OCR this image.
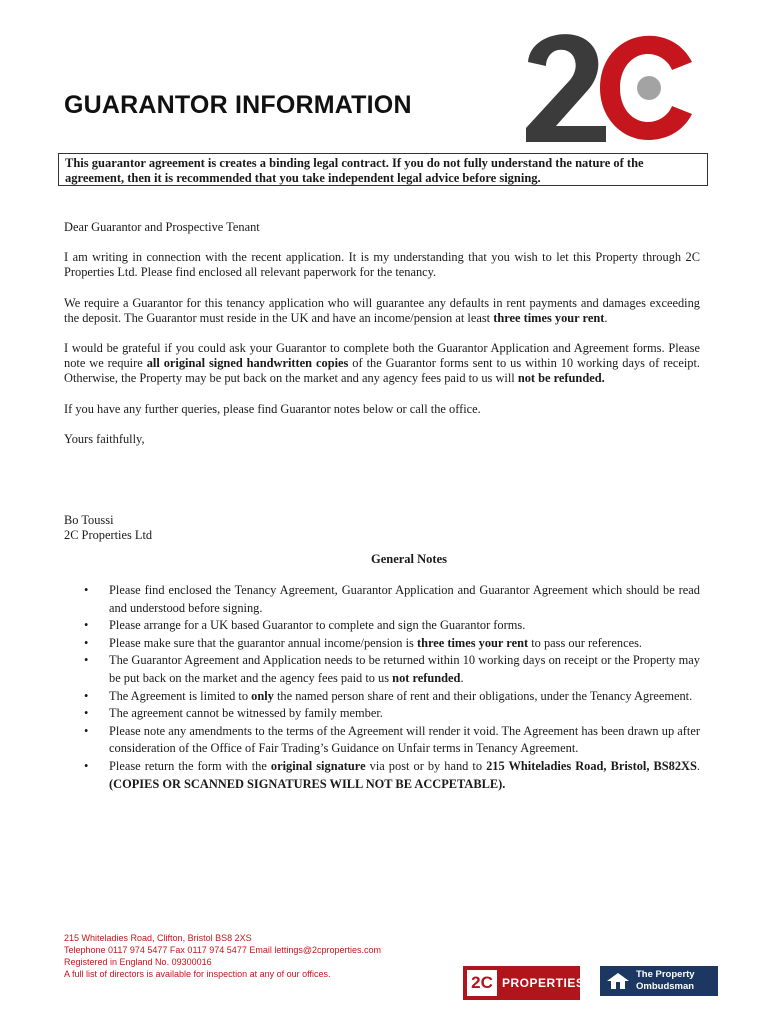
GUARANTOR INFORMATION
This guarantor agreement is creates a binding legal contract. If you do not fully understand the nature of the agreement, then it is recommended that you take independent legal advice before signing.

Dear Guarantor and Prospective Tenant

I am writing in connection with the recent application. It is my understanding that you wish to let this Property through 2C Properties Ltd. Please find enclosed all relevant paperwork for the tenancy.

We require a Guarantor for this tenancy application who will guarantee any defaults in rent payments and damages exceeding the deposit. The Guarantor must reside in the UK and have an income/pension at least three times your rent.

I would be grateful if you could ask your Guarantor to complete both the Guarantor Application and Agreement forms. Please note we require all original signed handwritten copies of the Guarantor forms sent to us within 10 working days of receipt. Otherwise, the Property may be put back on the market and any agency fees paid to us will not be refunded.

If you have any further queries, please find Guarantor notes below or call the office.

Yours faithfully,

Bo Toussi

2C Properties Ltd

General Notes
• Please find enclosed the Tenancy Agreement, Guarantor Application and Guarantor Agreement which should be read and understood before signing.
• Please arrange for a UK based Guarantor to complete and sign the Guarantor forms.
• Please make sure that the guarantor annual income/pension is three times your rent to pass our references.
• The Guarantor Agreement and Application needs to be returned within 10 working days on receipt or the Property may be put back on the market and the agency fees paid to us not refunded.
• The Agreement is limited to only the named person share of rent and their obligations, under the Tenancy Agreement.
• The agreement cannot be witnessed by family member.
• Please note any amendments to the terms of the Agreement will render it void. The Agreement has been drawn up after consideration of the Office of Fair Trading’s Guidance on Unfair terms in Tenancy Agreement.
• Please return the form with the original signature via post or by hand to 215 Whiteladies Road, Bristol, BS82XS. (COPIES OR SCANNED SIGNATURES WILL NOT BE ACCPETABLE).
215 Whiteladies Road, Clifton, Bristol BS8 2XS
Telephone 0117 974 5477 Fax 0117 974 5477 Email lettings@2cproperties.com
Registered in England No. 09300016
A full list of directors is available for inspection at any of our offices.	2C PROPERTIES
The Property
Ombudsman
